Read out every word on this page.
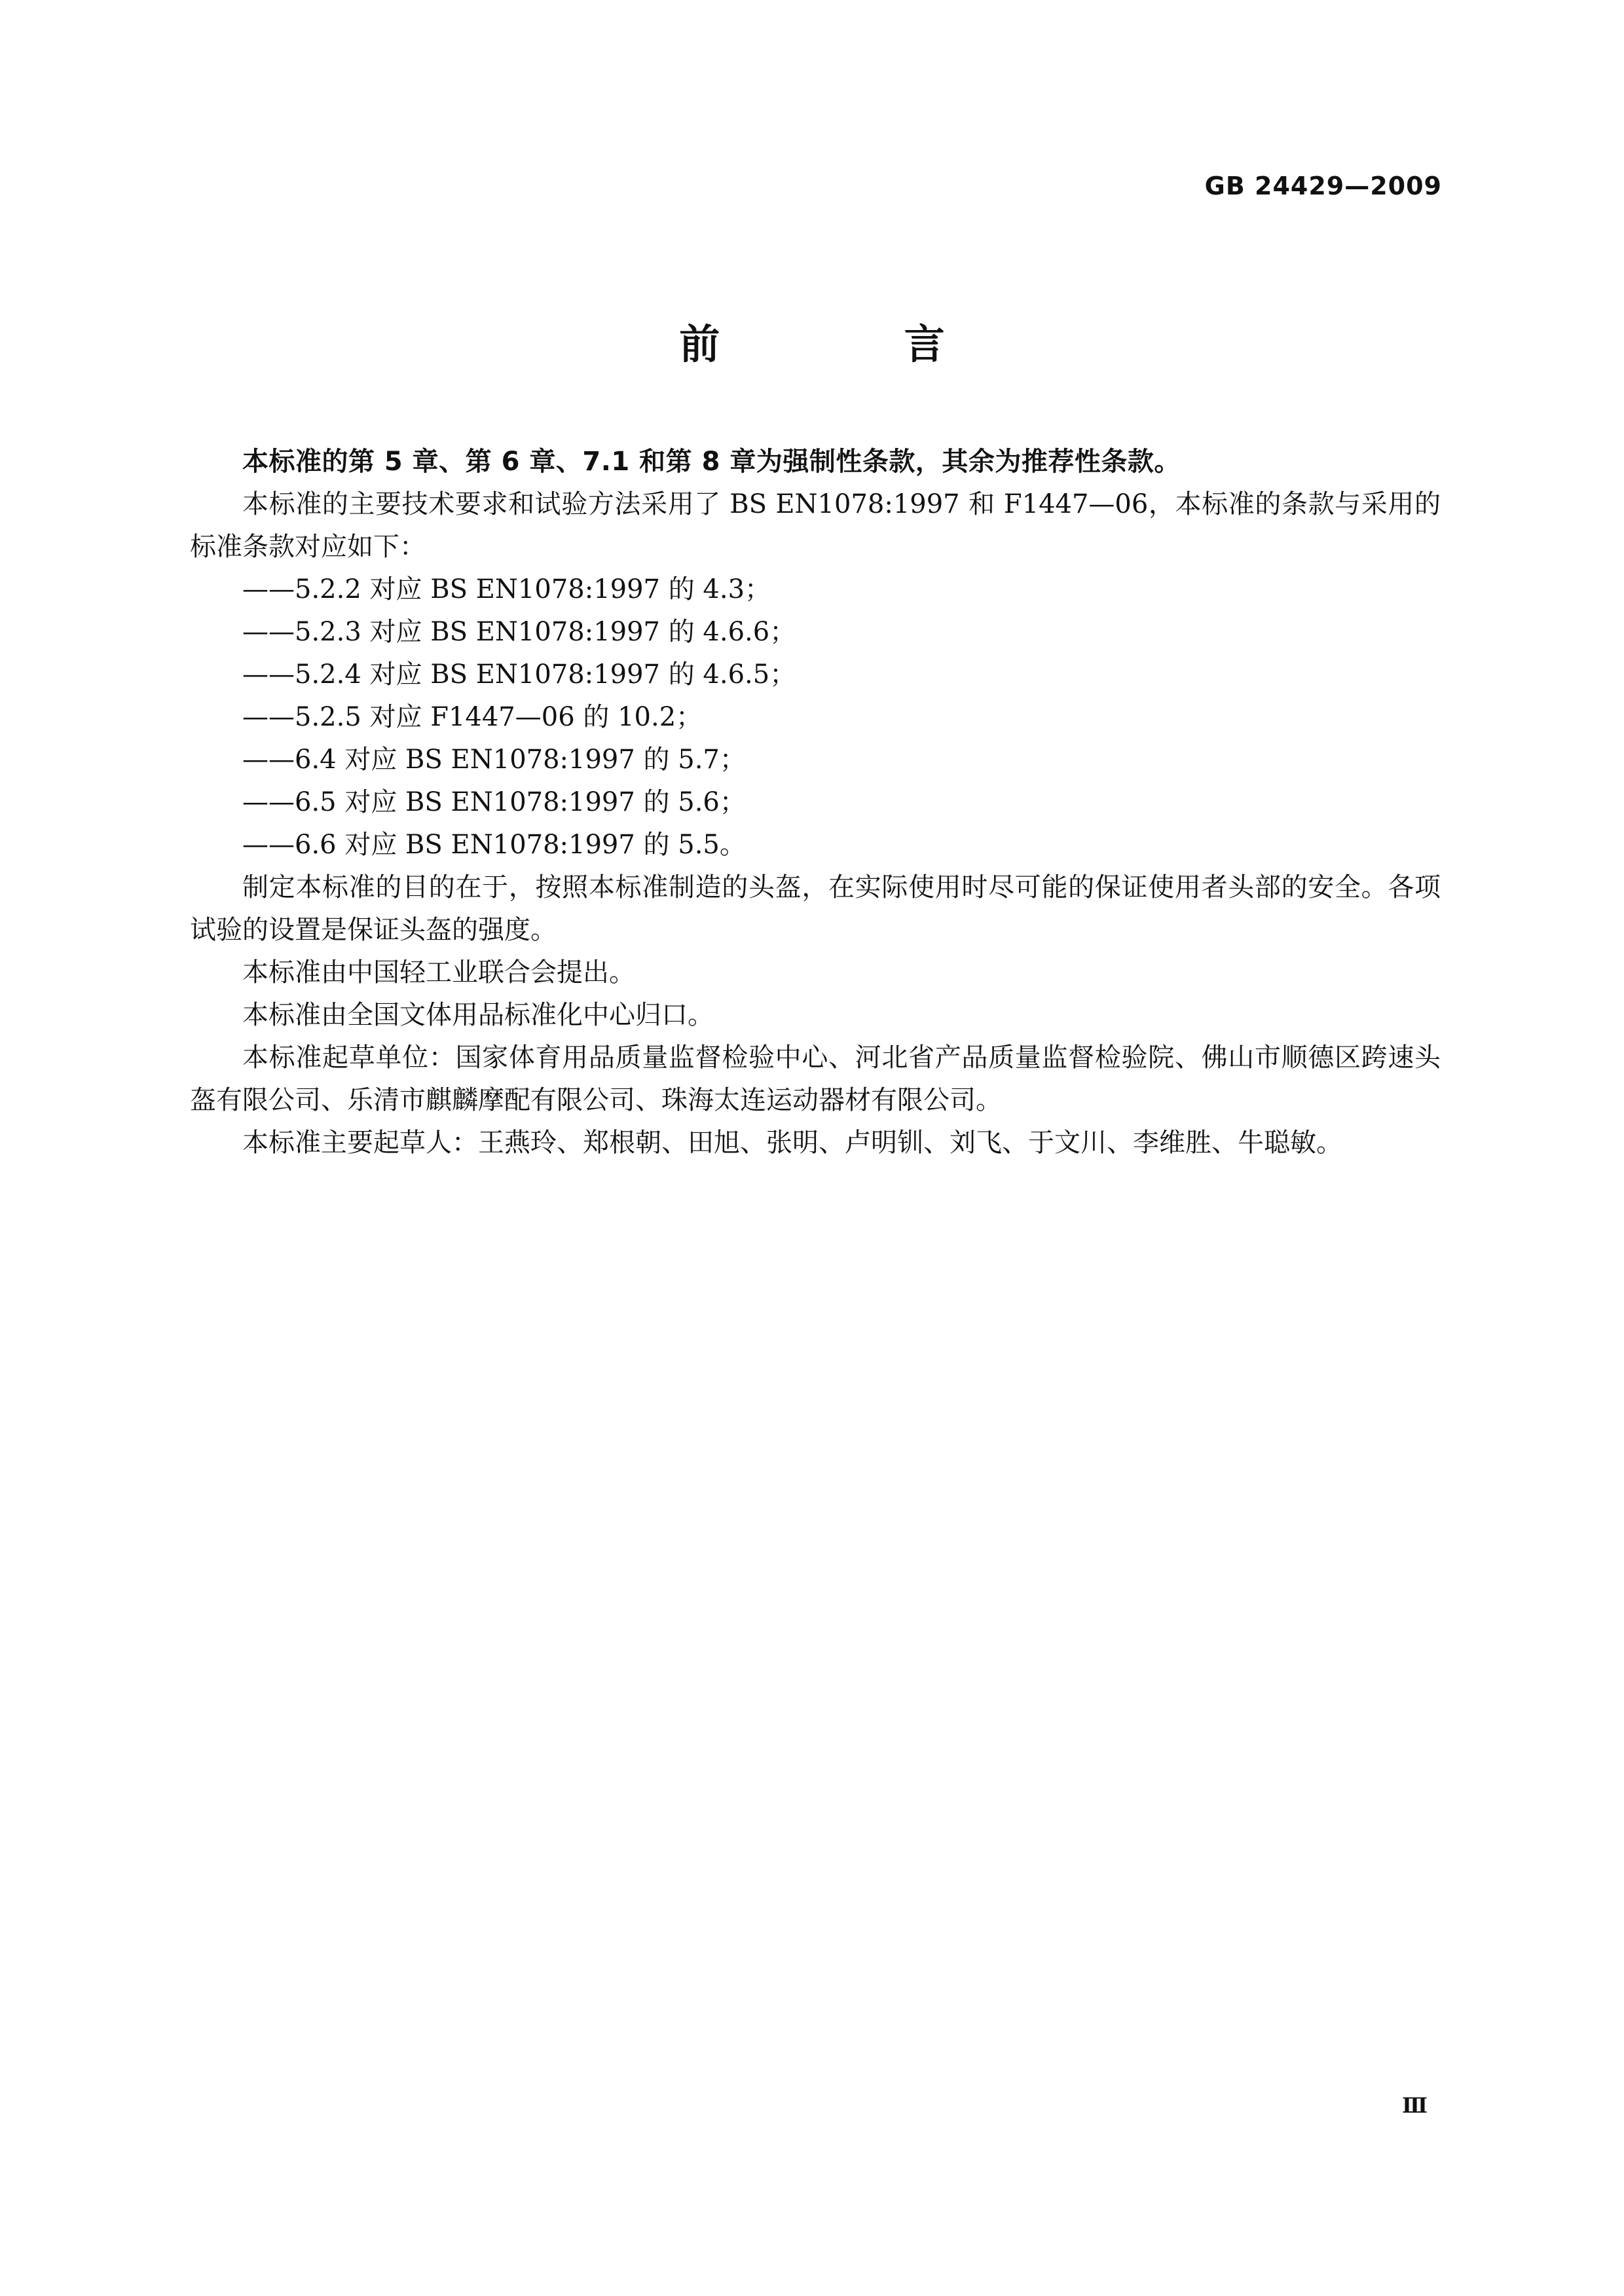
GB 24429—2009
前 言

本标准的第 5 章、第 6 章、7.1 和第 8 章为强制性条款，其余为推荐性条款。

本标准的主要技术要求和试验方法采用了 BS EN1078:1997 和 F1447—06，本标准的条款与采用的标准条款对应如下：

——5.2.2 对应 BS EN1078:1997 的 4.3；

——5.2.3 对应 BS EN1078:1997 的 4.6.6；

——5.2.4 对应 BS EN1078:1997 的 4.6.5；

——5.2.5 对应 F1447—06 的 10.2；

——6.4 对应 BS EN1078:1997 的 5.7；

——6.5 对应 BS EN1078:1997 的 5.6；

——6.6 对应 BS EN1078:1997 的 5.5。

制定本标准的目的在于，按照本标准制造的头盔，在实际使用时尽可能的保证使用者头部的安全。各项试验的设置是保证头盔的强度。

本标准由中国轻工业联合会提出。

本标准由全国文体用品标准化中心归口。

本标准起草单位：国家体育用品质量监督检验中心、河北省产品质量监督检验院、佛山市顺德区跨速头盔有限公司、乐清市麒麟摩配有限公司、珠海太连运动器材有限公司。

本标准主要起草人：王燕玲、郑根朝、田旭、张明、卢明钏、刘飞、于文川、李维胜、牛聪敏。

Ⅲ
